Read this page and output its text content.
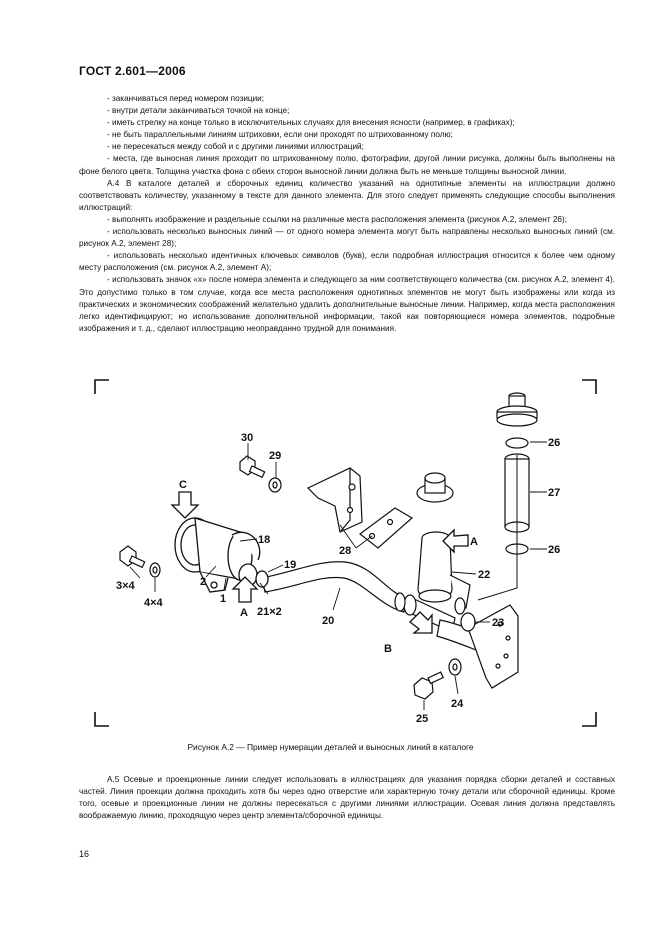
ГОСТ 2.601—2006

- заканчиваться перед номером позиции;

- внутри детали заканчиваться точкой на конце;

- иметь стрелку на конце только в исключительных случаях для внесения ясности (например, в графиках);

- не быть параллельными линиям штриховки, если они проходят по штрихованному полю;

- не пересекаться между собой и с другими линиями иллюстраций;

- места, где выносная линия проходит по штрихованному полю, фотографии, другой линии рисунка, должны быть выполнены на фоне белого цвета. Толщина участка фона с обеих сторон выносной линии должна быть не меньше толщины выносной линии.

А.4 В каталоге деталей и сборочных единиц количество указаний на однотипные элементы на иллюстрации должно соответствовать количеству, указанному в тексте для данного элемента. Для этого следует применять следующие способы выполнения иллюстраций:

- выполнять изображение и раздельные ссылки на различные места расположения элемента (рисунок А.2, элемент 26);

- использовать несколько выносных линий — от одного номера элемента могут быть направлены несколько выносных линий (см. рисунок А.2, элемент 28);

- использовать несколько идентичных ключевых символов (букв), если подробная иллюстрация относится к более чем одному месту расположения (см. рисунок А.2, элемент А);

- использовать значок «х» после номера элемента и следующего за ним соответствующего количества (см. рисунок А.2, элемент 4). Это допустимо только в том случае, когда все места расположения однотипных элементов не могут быть изображены или когда из практических и экономических соображений желательно удалить дополнительные выносные линии. Например, когда места расположения легко идентифицируют; но использование дополнительной информации, такой как повторяющиеся номера элементов, подробные изображения и т. д., сделают иллюстрацию неоправданно трудной для понимания.

С
30
29
18
19
28
А
22
26
27
26
3×4
4×4
2
1
А 21×2
20
В
23
24
25
Рисунок А.2 — Пример нумерации деталей и выносных линий в каталоге

А.5 Осевые и проекционные линии следует использовать в иллюстрациях для указания порядка сборки деталей и составных частей. Линия проекции должна проходить хотя бы через одно отверстие или характерную точку детали или сборочной единицы. Кроме того, осевые и проекционные линии не должны пересекаться с другими линиями иллюстрации. Осевая линия должна представлять воображаемую линию, проходящую через центр элемента/сборочной единицы.

16
